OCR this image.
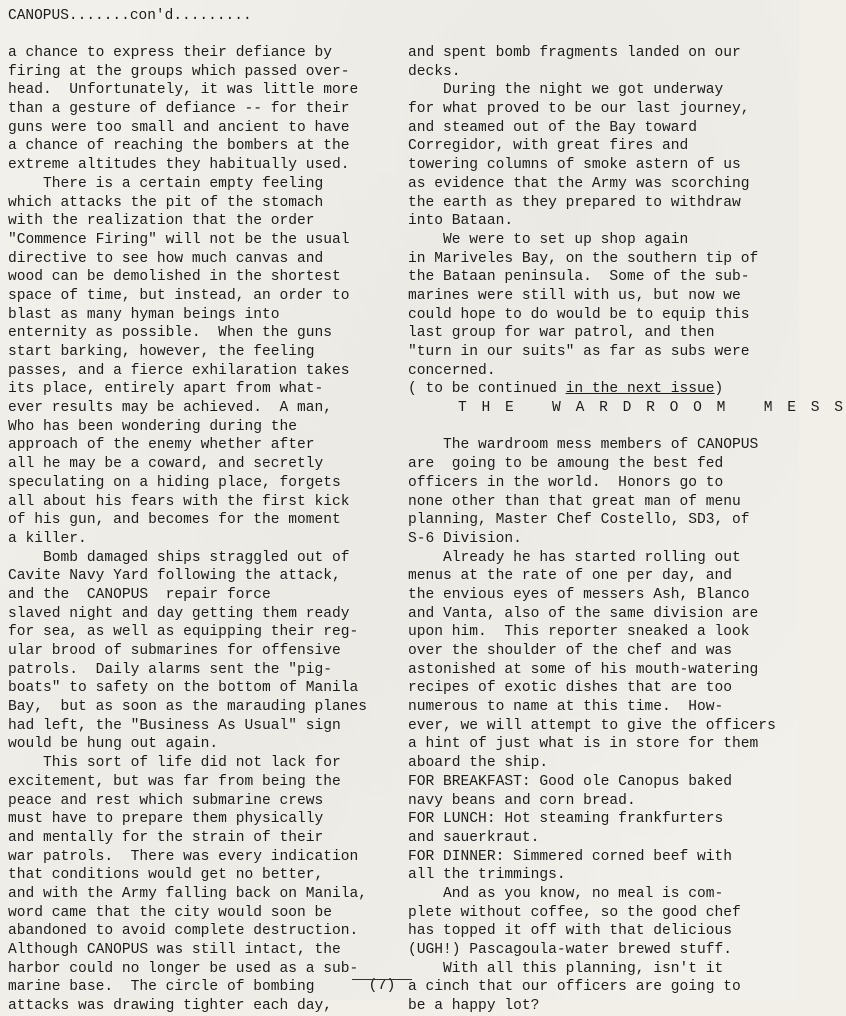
CANOPUS.......con'd.........
a chance to express their defiance by
firing at the groups which passed over-
head.  Unfortunately, it was little more
than a gesture of defiance -- for their
guns were too small and ancient to have
a chance of reaching the bombers at the
extreme altitudes they habitually used.
There is a certain empty feeling
which attacks the pit of the stomach
with the realization that the order
"Commence Firing" will not be the usual
directive to see how much canvas and
wood can be demolished in the shortest
space of time, but instead, an order to
blast as many hyman beings into
enternity as possible.  When the guns
start barking, however, the feeling
passes, and a fierce exhilaration takes
its place, entirely apart from what-
ever results may be achieved.  A man,
Who has been wondering during the
approach of the enemy whether after
all he may be a coward, and secretly
speculating on a hiding place, forgets
all about his fears with the first kick
of his gun, and becomes for the moment
a killer.
Bomb damaged ships straggled out of
Cavite Navy Yard following the attack,
and the  CANOPUS  repair force
slaved night and day getting them ready
for sea, as well as equipping their reg-
ular brood of submarines for offensive
patrols.  Daily alarms sent the "pig-
boats" to safety on the bottom of Manila
Bay,  but as soon as the marauding planes
had left, the "Business As Usual" sign
would be hung out again.
This sort of life did not lack for
excitement, but was far from being the
peace and rest which submarine crews
must have to prepare them physically
and mentally for the strain of their
war patrols.  There was every indication
that conditions would get no better,
and with the Army falling back on Manila,
word came that the city would soon be
abandoned to avoid complete destruction.
Although CANOPUS was still intact, the
harbor could no longer be used as a sub-
marine base.  The circle of bombing
attacks was drawing tighter each day,
and spent bomb fragments landed on our
decks.
During the night we got underway
for what proved to be our last journey,
and steamed out of the Bay toward
Corregidor, with great fires and
towering columns of smoke astern of us
as evidence that the Army was scorching
the earth as they prepared to withdraw
into Bataan.
We were to set up shop again
in Mariveles Bay, on the southern tip of
the Bataan peninsula.  Some of the sub-
marines were still with us, but now we
could hope to do would be to equip this
last group for war patrol, and then
"turn in our suits" as far as subs were
concerned.
( to be continued in the next issue)
T H E   W A R D R O O M   M E S S
The wardroom mess members of CANOPUS
are  going to be amoung the best fed
officers in the world.  Honors go to
none other than that great man of menu
planning, Master Chef Costello, SD3, of
S-6 Division.
Already he has started rolling out
menus at the rate of one per day, and
the envious eyes of messers Ash, Blanco
and Vanta, also of the same division are
upon him.  This reporter sneaked a look
over the shoulder of the chef and was
astonished at some of his mouth-watering
recipes of exotic dishes that are too
numerous to name at this time.  How-
ever, we will attempt to give the officers
a hint of just what is in store for them
aboard the ship.
FOR BREAKFAST: Good ole Canopus baked
navy beans and corn bread.
FOR LUNCH: Hot steaming frankfurters
and sauerkraut.
FOR DINNER: Simmered corned beef with
all the trimmings.
And as you know, no meal is com-
plete without coffee, so the good chef
has topped it off with that delicious
(UGH!) Pascagoula-water brewed stuff.
With all this planning, isn't it
a cinch that our officers are going to
be a happy lot?
(7)
